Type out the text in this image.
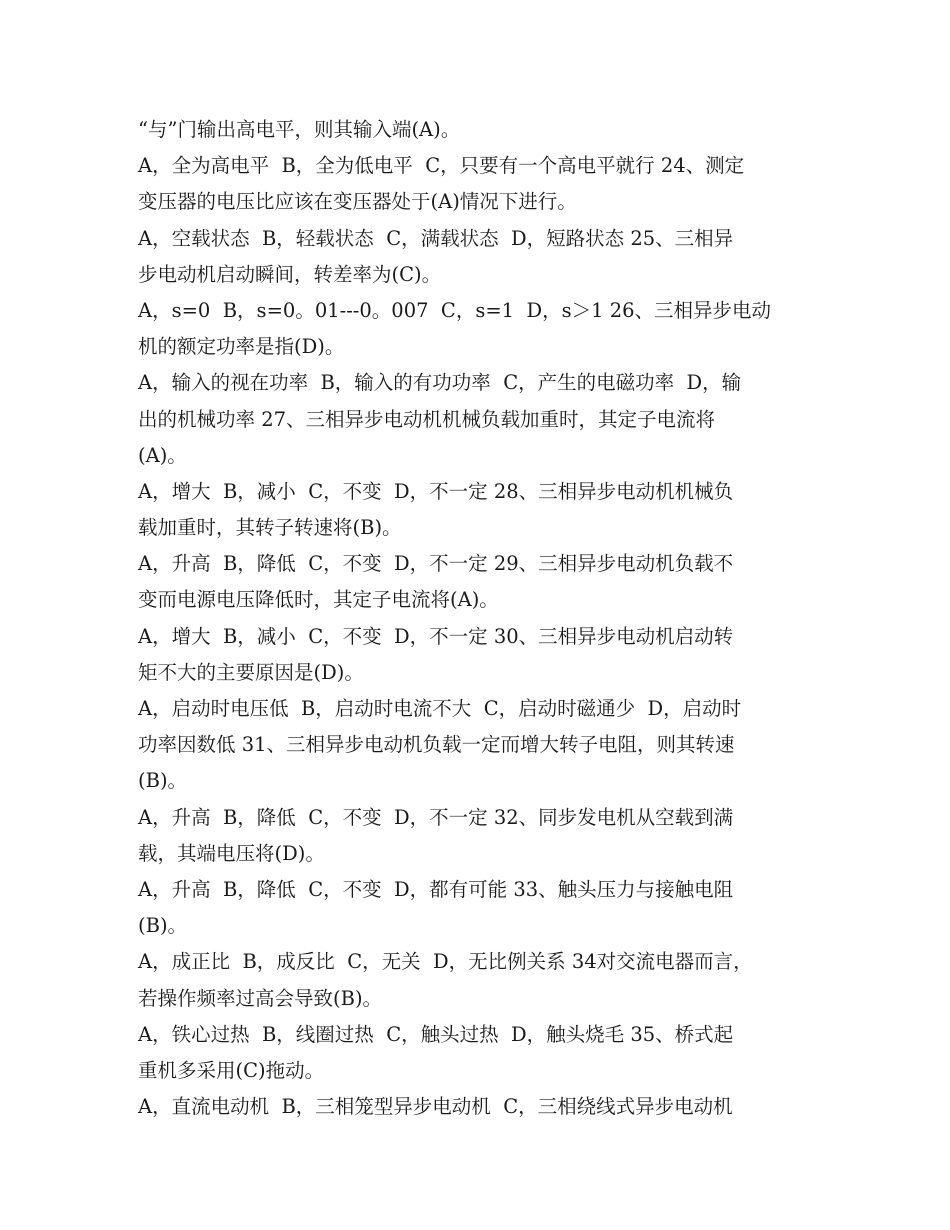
“与”门输出高电平，则其输入端(A)。
A，全为高电平  B，全为低电平  C，只要有一个高电平就行 24、测定
变压器的电压比应该在变压器处于(A)情况下进行。
A，空载状态  B，轻载状态  C，满载状态  D，短路状态 25、三相异
步电动机启动瞬间，转差率为(C)。
A，s=0  B，s=0。01---0。007  C，s=1  D，s＞1 26、三相异步电动
机的额定功率是指(D)。
A，输入的视在功率  B，输入的有功功率  C，产生的电磁功率  D，输
出的机械功率 27、三相异步电动机机械负载加重时，其定子电流将
(A)。
A，增大  B，减小  C，不变  D，不一定 28、三相异步电动机机械负
载加重时，其转子转速将(B)。
A，升高  B，降低  C，不变  D，不一定 29、三相异步电动机负载不
变而电源电压降低时，其定子电流将(A)。
A，增大  B，减小  C，不变  D，不一定 30、三相异步电动机启动转
矩不大的主要原因是(D)。
A，启动时电压低  B，启动时电流不大  C，启动时磁通少  D，启动时
功率因数低 31、三相异步电动机负载一定而增大转子电阻，则其转速
(B)。
A，升高  B，降低  C，不变  D，不一定 32、同步发电机从空载到满
载，其端电压将(D)。
A，升高  B，降低  C，不变  D，都有可能 33、触头压力与接触电阻
(B)。
A，成正比  B，成反比  C，无关  D，无比例关系 34对交流电器而言，
若操作频率过高会导致(B)。
A，铁心过热  B，线圈过热  C，触头过热  D，触头烧毛 35、桥式起
重机多采用(C)拖动。
A，直流电动机  B，三相笼型异步电动机  C，三相绕线式异步电动机
